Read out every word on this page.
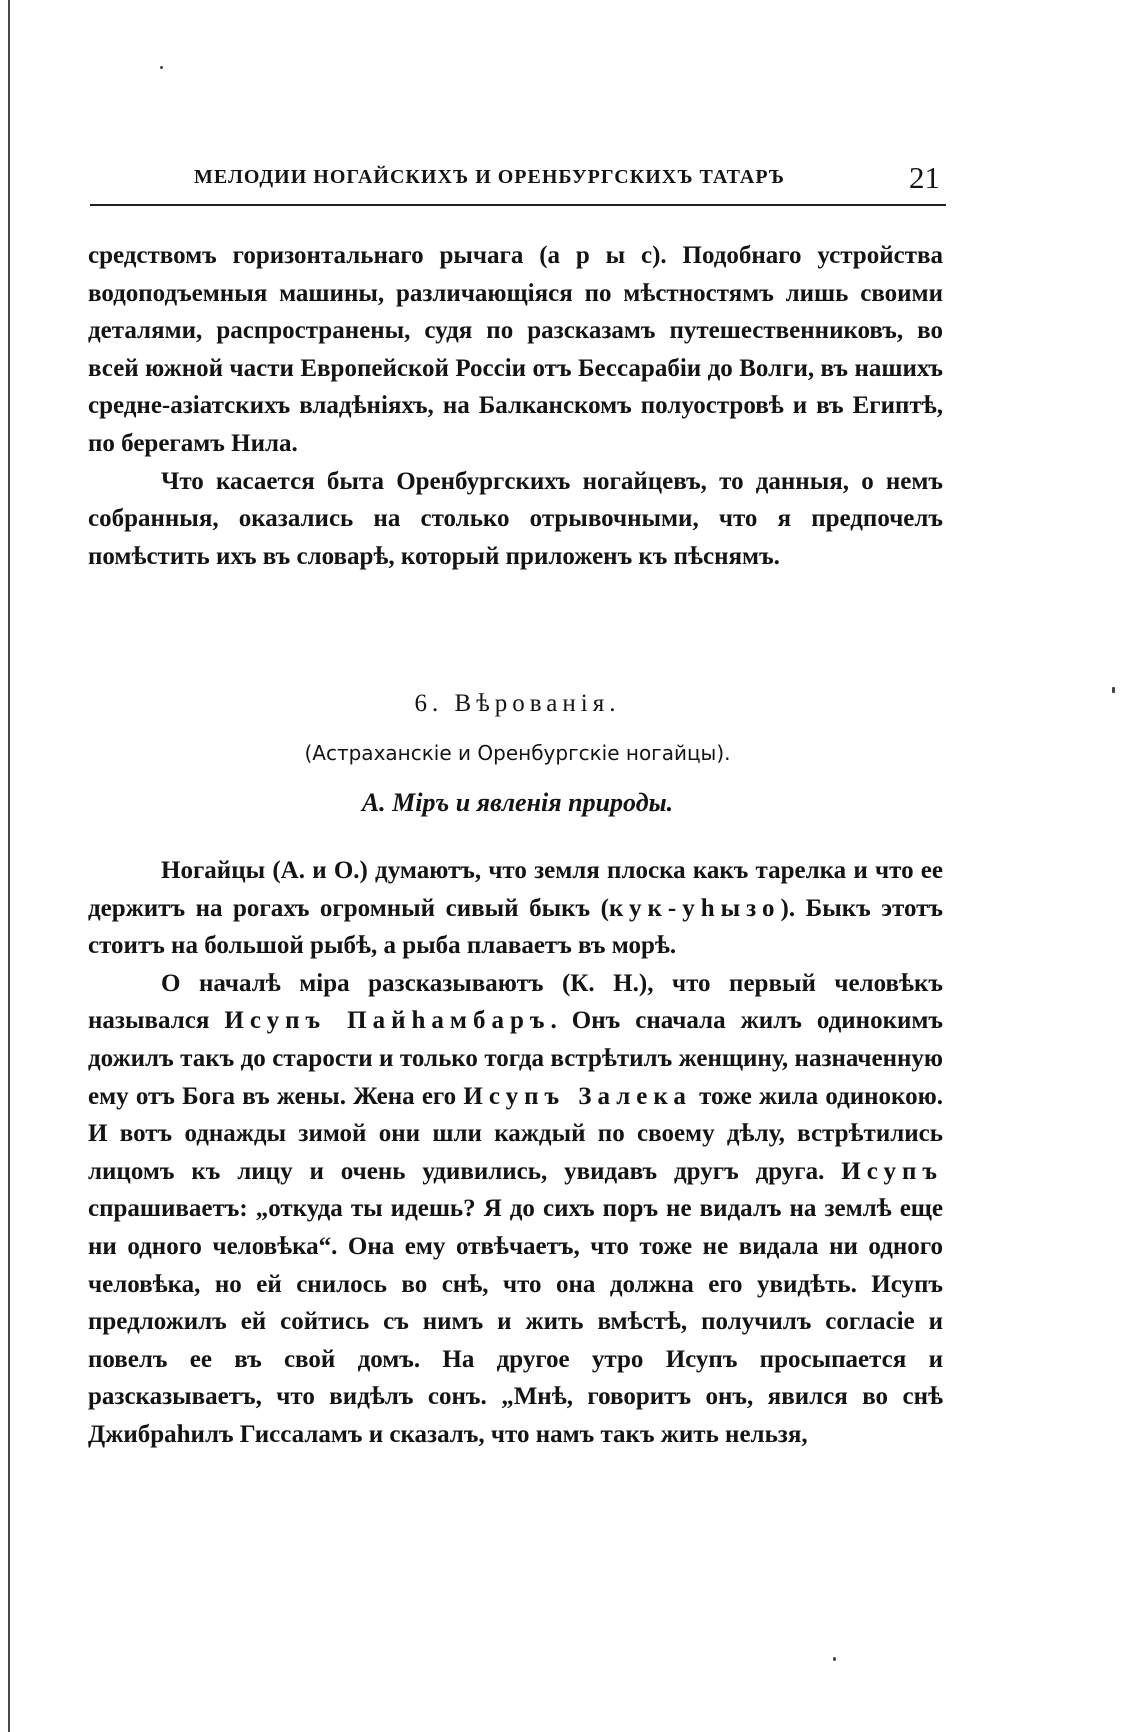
МЕЛОДИИ НОГАЙСКИХЪ И ОРЕНБУРГСКИХЪ ТАТАРЪ	21

средствомъ горизонтальнаго рычага (а р ы с). Подобнаго устройства водоподъемныя машины, различающіяся по мѣстностямъ лишь своими деталями, распространены, судя по разсказамъ путешественниковъ, во всей южной части Европейской Россіи отъ Бессарабіи до Волги, въ нашихъ средне-азіатскихъ владѣніяхъ, на Балканскомъ полуостровѣ и въ Египтѣ, по берегамъ Нила.

Что касается быта Оренбургскихъ ногайцевъ, то данныя, о немъ собранныя, оказались на столько отрывочными, что я предпочелъ помѣстить ихъ въ словарѣ, который приложенъ къ пѣснямъ.

6. Вѣрованія.
(Астраханскіе и Оренбургскіе ногайцы).
А. Міръ и явленія природы.

Ногайцы (А. и О.) думаютъ, что земля плоска какъ тарелка и что ее держитъ на рогахъ огромный сивый быкъ (кук-уһызо). Быкъ этотъ стоитъ на большой рыбѣ, а рыба плаваетъ въ морѣ.

О началѣ міра разсказываютъ (К. Н.), что первый человѣкъ назывался Исупъ Пайһамбаръ. Онъ сначала жилъ одинокимъ дожилъ такъ до старости и только тогда встрѣтилъ женщину, назначенную ему отъ Бога въ жены. Жена его Исупъ Залека тоже жила одинокою. И вотъ однажды зимой они шли каждый по своему дѣлу, встрѣтились лицомъ къ лицу и очень удивились, увидавъ другъ друга. Исупъ спрашиваетъ: „откуда ты идешь? Я до сихъ поръ не видалъ на землѣ еще ни одного человѣка“. Она ему отвѣчаетъ, что тоже не видала ни одного человѣка, но ей снилось во снѣ, что она должна его увидѣть. Исупъ предложилъ ей сойтись съ нимъ и жить вмѣстѣ, получилъ согласіе и повелъ ее въ свой домъ. На другое утро Исупъ просыпается и разсказываетъ, что видѣлъ сонъ. „Мнѣ, говоритъ онъ, явился во снѣ Джибраһилъ Гиссаламъ и сказалъ, что намъ такъ жить нельзя,
